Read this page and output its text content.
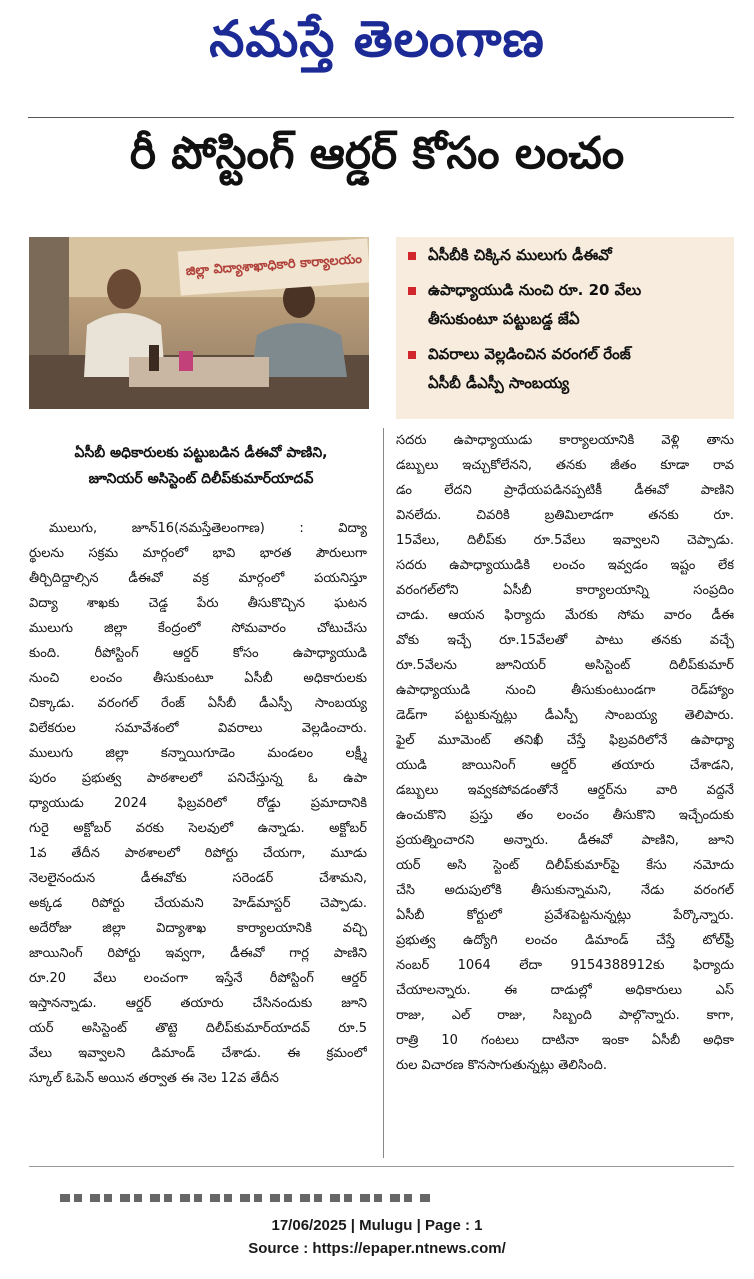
నమస్తే తెలంగాణ
రీ పోస్టింగ్ ఆర్డర్ కోసం లంచం
జిల్లా విద్యాశాఖాధికారి కార్యాలయం
ఏసీబీ అధికారులకు పట్టుబడిన డీఈవో పాణిని,
జూనియర్ అసిస్టెంట్ దిలీప్‌కుమార్‌యాదవ్
ఏసీబీకి చిక్కిన ములుగు డీఈవో
ఉపాధ్యాయుడి నుంచి రూ. 20 వేలు
తీసుకుంటూ పట్టుబడ్డ జేఏ
వివరాలు వెల్లడించిన వరంగల్ రేంజ్
ఏసీబీ డీఎస్పీ సాంబయ్య
ములుగు, జూన్16(నమస్తేతెలంగాణ) : విద్యా
ర్థులను సక్రమ మార్గంలో భావి భారత పౌరులుగా
తీర్చిదిద్దాల్సిన డీఈవో వక్ర మార్గంలో పయనిస్తూ
విద్యా శాఖకు చెడ్డ పేరు తీసుకొచ్చిన ఘటన
ములుగు జిల్లా కేంద్రంలో సోమవారం చోటుచేసు
కుంది. రీపోస్టింగ్ ఆర్డర్ కోసం ఉపాధ్యాయుడి
నుంచి లంచం తీసుకుంటూ ఏసీబీ అధికారులకు
చిక్కాడు. వరంగల్ రేంజ్ ఏసీబీ డీఎస్పీ సాంబయ్య
విలేకరుల సమావేశంలో వివరాలు వెల్లడించారు.
ములుగు జిల్లా కన్నాయిగూడెం మండలం లక్ష్మీ
పురం ప్రభుత్వ పాఠశాలలో పనిచేస్తున్న ఓ ఉపా
ధ్యాయుడు 2024 ఫిబ్రవరిలో రోడ్డు ప్రమాదానికి
గురై అక్టోబర్ వరకు సెలవులో ఉన్నాడు. అక్టోబర్
1వ తేదీన పాఠశాలలో రిపోర్టు చేయగా, మూడు
నెలలైనందున డీఈవోకు సరెండర్ చేశామని,
అక్కడ రిపోర్టు చేయమని హెడ్‌మాస్టర్ చెప్పాడు.
అదేరోజు జిల్లా విద్యాశాఖ కార్యాలయానికి వచ్చి
జాయినింగ్ రిపోర్టు ఇవ్వగా, డీఈవో గార్ల పాణిని
రూ.20 వేలు లంచంగా ఇస్తేనే రీపోస్టింగ్ ఆర్డర్
ఇస్తానన్నాడు. ఆర్డర్ తయారు చేసినందుకు జూని
యర్ అసిస్టెంట్ తొట్టె దిలీప్‌కుమార్‌యాదవ్ రూ.5
వేలు ఇవ్వాలని డిమాండ్ చేశాడు. ఈ క్రమంలో
స్కూల్ ఓపెన్ అయిన తర్వాత ఈ నెల 12వ తేదీన
సదరు ఉపాధ్యాయుడు కార్యాలయానికి వెళ్లి తాను
డబ్బులు ఇచ్చుకోలేనని, తనకు జీతం కూడా రావ
డం లేదని ప్రాధేయపడినప్పటికీ డీఈవో పాణిని
వినలేదు. చివరికి బ్రతిమిలాడగా తనకు రూ.
15వేలు, దిలీప్‌కు రూ.5వేలు ఇవ్వాలని చెప్పాడు.
సదరు ఉపాధ్యాయుడికి లంచం ఇవ్వడం ఇష్టం లేక
వరంగల్‌లోని ఏసీబీ కార్యాలయాన్ని సంప్రదిం
చాడు. ఆయన ఫిర్యాదు మేరకు సోమ వారం డీఈ
వోకు ఇచ్చే రూ.15వేలతో పాటు తనకు వచ్చే
రూ.5వేలను జూనియర్ అసిస్టెంట్ దిలీప్‌కుమార్
ఉపాధ్యాయుడి నుంచి తీసుకుంటుండగా రెడ్‌హ్యాం
డెడ్‌గా పట్టుకున్నట్లు డీఎస్పీ సాంబయ్య తెలిపారు.
ఫైల్ మూమెంట్ తనిఖీ చేస్తే ఫిబ్రవరిలోనే ఉపాధ్యా
యుడి జాయినింగ్ ఆర్డర్ తయారు చేశాడని,
డబ్బులు ఇవ్వకపోవడంతోనే ఆర్డర్‌ను వారి వద్దనే
ఉంచుకొని ప్రస్తు తం లంచం తీసుకొని ఇచ్చేందుకు
ప్రయత్నించారని అన్నారు. డీఈవో పాణిని, జూని
యర్ అసి స్టెంట్ దిలీప్‌కుమార్‌పై కేసు నమోదు
చేసి అదుపులోకి తీసుకున్నామని, నేడు వరంగల్
ఏసీబీ కోర్టులో ప్రవేశపెట్టనున్నట్లు పేర్కొన్నారు.
ప్రభుత్వ ఉద్యోగి లంచం డిమాండ్ చేస్తే టోల్‌ఫ్రీ
నంబర్ 1064 లేదా 9154388912కు ఫిర్యాదు
చేయాలన్నారు. ఈ దాడుల్లో అధికారులు ఎస్
రాజు, ఎల్ రాజు, సిబ్బంది పాల్గొన్నారు. కాగా,
రాత్రి 10 గంటలు దాటినా ఇంకా ఏసీబీ అధికా
రుల విచారణ కొనసాగుతున్నట్లు తెలిసింది.
17/06/2025 | Mulugu | Page : 1
Source : https://epaper.ntnews.com/
